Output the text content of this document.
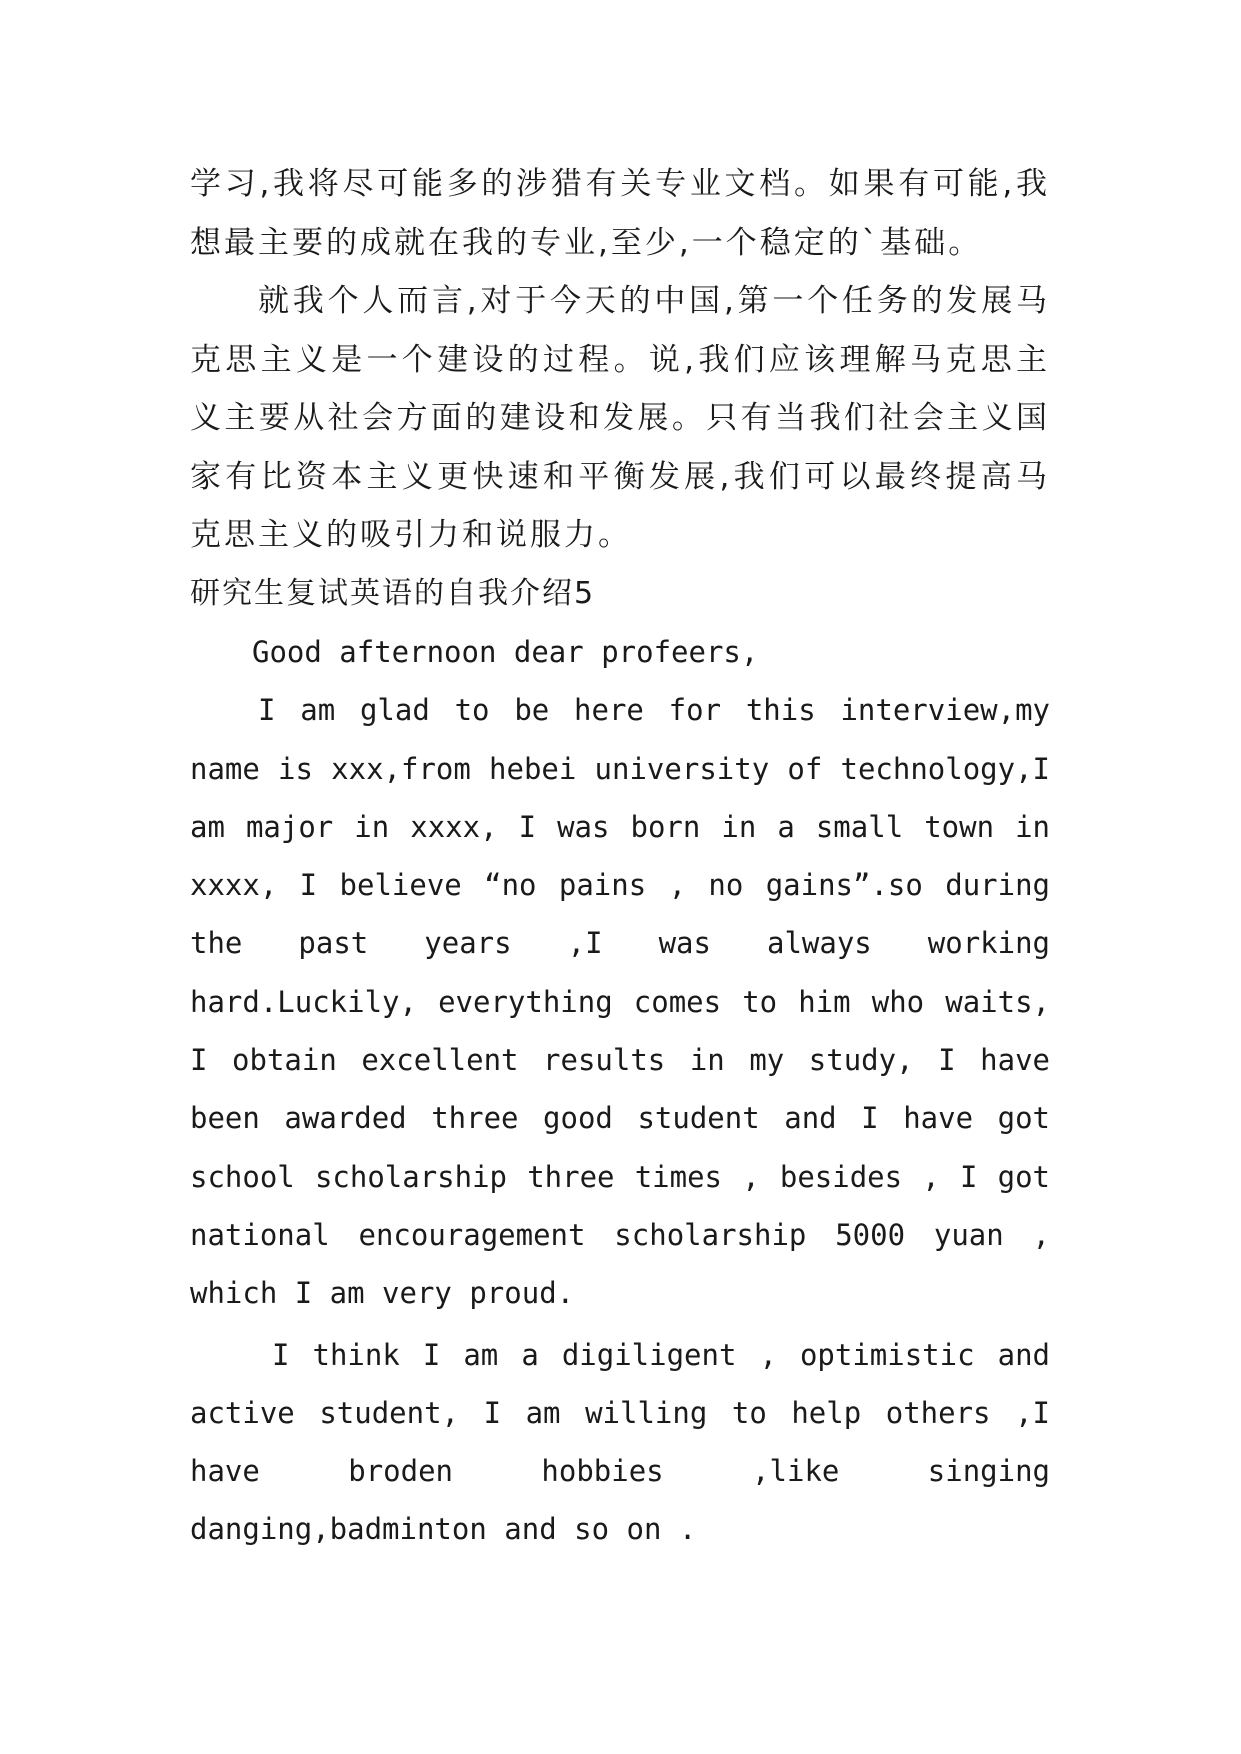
学习,我将尽可能多的涉猎有关专业文档。如果有可能,我想最主要的成就在我的专业,至少,一个稳定的`基础。

就我个人而言,对于今天的中国,第一个任务的发展马克思主义是一个建设的过程。说,我们应该理解马克思主义主要从社会方面的建设和发展。只有当我们社会主义国家有比资本主义更快速和平衡发展,我们可以最终提高马克思主义的吸引力和说服力。

研究生复试英语的自我介绍5

Good afternoon dear profeers,

I am glad to be here for this interview,my name is xxx,from hebei university of technology,I am major in xxxx, I was born in a small town in xxxx, I believe “no pains , no gains”.so during the past years ,I was always working hard.Luckily, everything comes to him who waits, I obtain excellent results in my study, I have been awarded three good student and I have got school scholarship three times , besides , I got national encouragement scholarship 5000 yuan , which I am very proud.

I think I am a digiligent , optimistic and active student, I am willing to help others ,I have broden hobbies ,like singing danging,badminton and so on .
